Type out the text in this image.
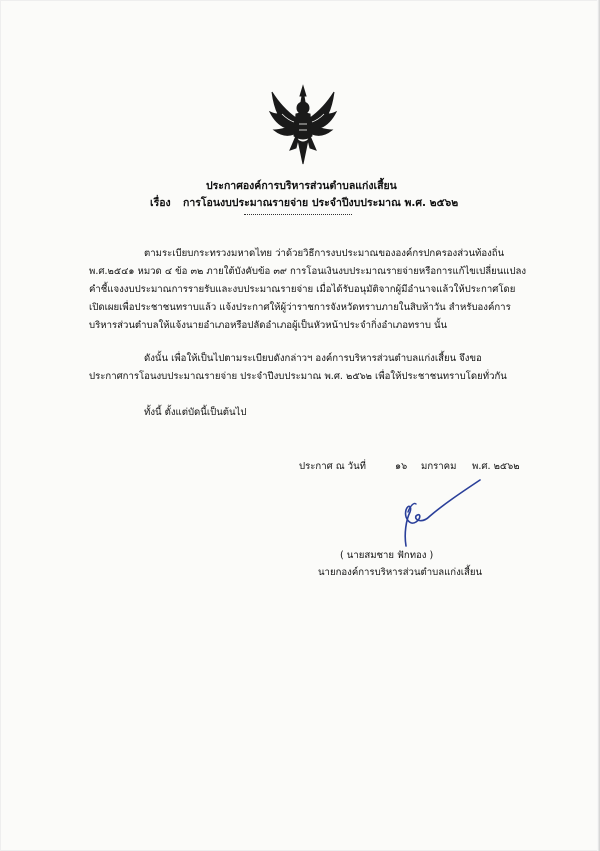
ประกาศองค์การบริหารส่วนตำบลแก่งเสี้ยน
เรื่อง การโอนงบประมาณรายจ่าย ประจำปีงบประมาณ พ.ศ. ๒๕๖๒
ตามระเบียบกระทรวงมหาดไทย ว่าด้วยวิธีการงบประมาณขององค์กรปกครองส่วนท้องถิ่น
พ.ศ.๒๕๔๑ หมวด ๔ ข้อ ๓๒ ภายใต้บังคับข้อ ๓๙ การโอนเงินงบประมาณรายจ่ายหรือการแก้ไขเปลี่ยนแปลง
คำชี้แจงงบประมาณการรายรับและงบประมาณรายจ่าย เมื่อได้รับอนุมัติจากผู้มีอำนาจแล้วให้ประกาศโดย
เปิดเผยเพื่อประชาชนทราบแล้ว แจ้งประกาศให้ผู้ว่าราชการจังหวัดทราบภายในสิบห้าวัน สำหรับองค์การ
บริหารส่วนตำบลให้แจ้งนายอำเภอหรือปลัดอำเภอผู้เป็นหัวหน้าประจำกิ่งอำเภอทราบ นั้น
ดังนั้น เพื่อให้เป็นไปตามระเบียบดังกล่าวฯ องค์การบริหารส่วนตำบลแก่งเสี้ยน จึงขอ
ประกาศการโอนงบประมาณรายจ่าย ประจำปีงบประมาณ พ.ศ. ๒๕๖๒ เพื่อให้ประชาชนทราบโดยทั่วกัน
ทั้งนี้ ตั้งแต่บัดนี้เป็นต้นไป
ประกาศ ณ วันที่	๑๖ มกราคม พ.ศ. ๒๕๖๒
( นายสมชาย ฟักทอง )
นายกองค์การบริหารส่วนตำบลแก่งเสี้ยน
